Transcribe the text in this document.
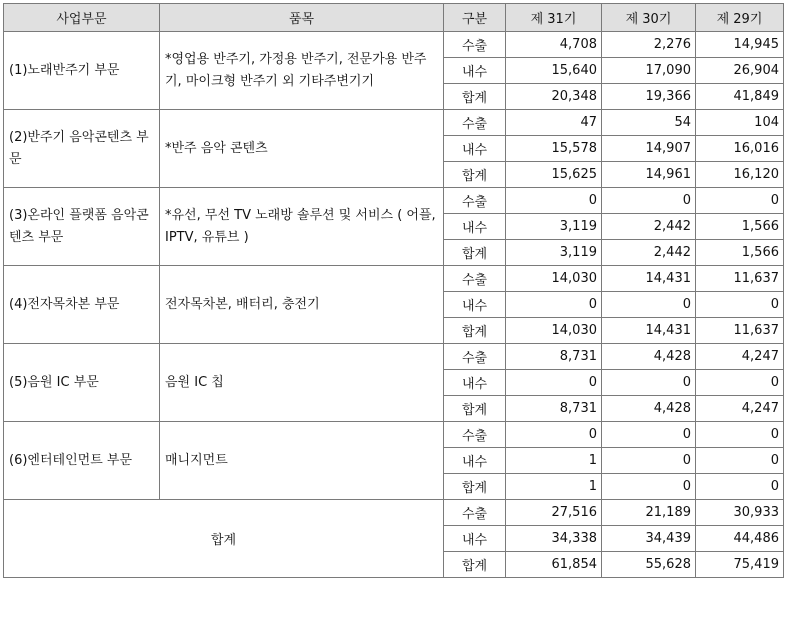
사업부문	품목	구분	제 31기	제 30기	제 29기
(1)노래반주기 부문	*영업용 반주기, 가정용 반주기, 전문가용 반주기, 마이크형 반주기 외 기타주변기기	수출	4,708	2,276	14,945
		내수	15,640	17,090	26,904
		합계	20,348	19,366	41,849
(2)반주기 음악콘텐츠 부문	*반주 음악 콘텐츠	수출	47	54	104
		내수	15,578	14,907	16,016
		합계	15,625	14,961	16,120
(3)온라인 플랫폼 음악콘텐츠 부문	*유선, 무선 TV 노래방 솔루션 및 서비스 ( 어플, IPTV, 유튜브 )	수출	0	0	0
		내수	3,119	2,442	1,566
		합계	3,119	2,442	1,566
(4)전자목차본 부문	전자목차본, 배터리, 충전기	수출	14,030	14,431	11,637
		내수	0	0	0
		합계	14,030	14,431	11,637
(5)음원 IC 부문	음원 IC 칩	수출	8,731	4,428	4,247
		내수	0	0	0
		합계	8,731	4,428	4,247
(6)엔터테인먼트 부문	매니지먼트	수출	0	0	0
		내수	1	0	0
		합계	1	0	0
합계		수출	27,516	21,189	30,933
		내수	34,338	34,439	44,486
		합계	61,854	55,628	75,419
